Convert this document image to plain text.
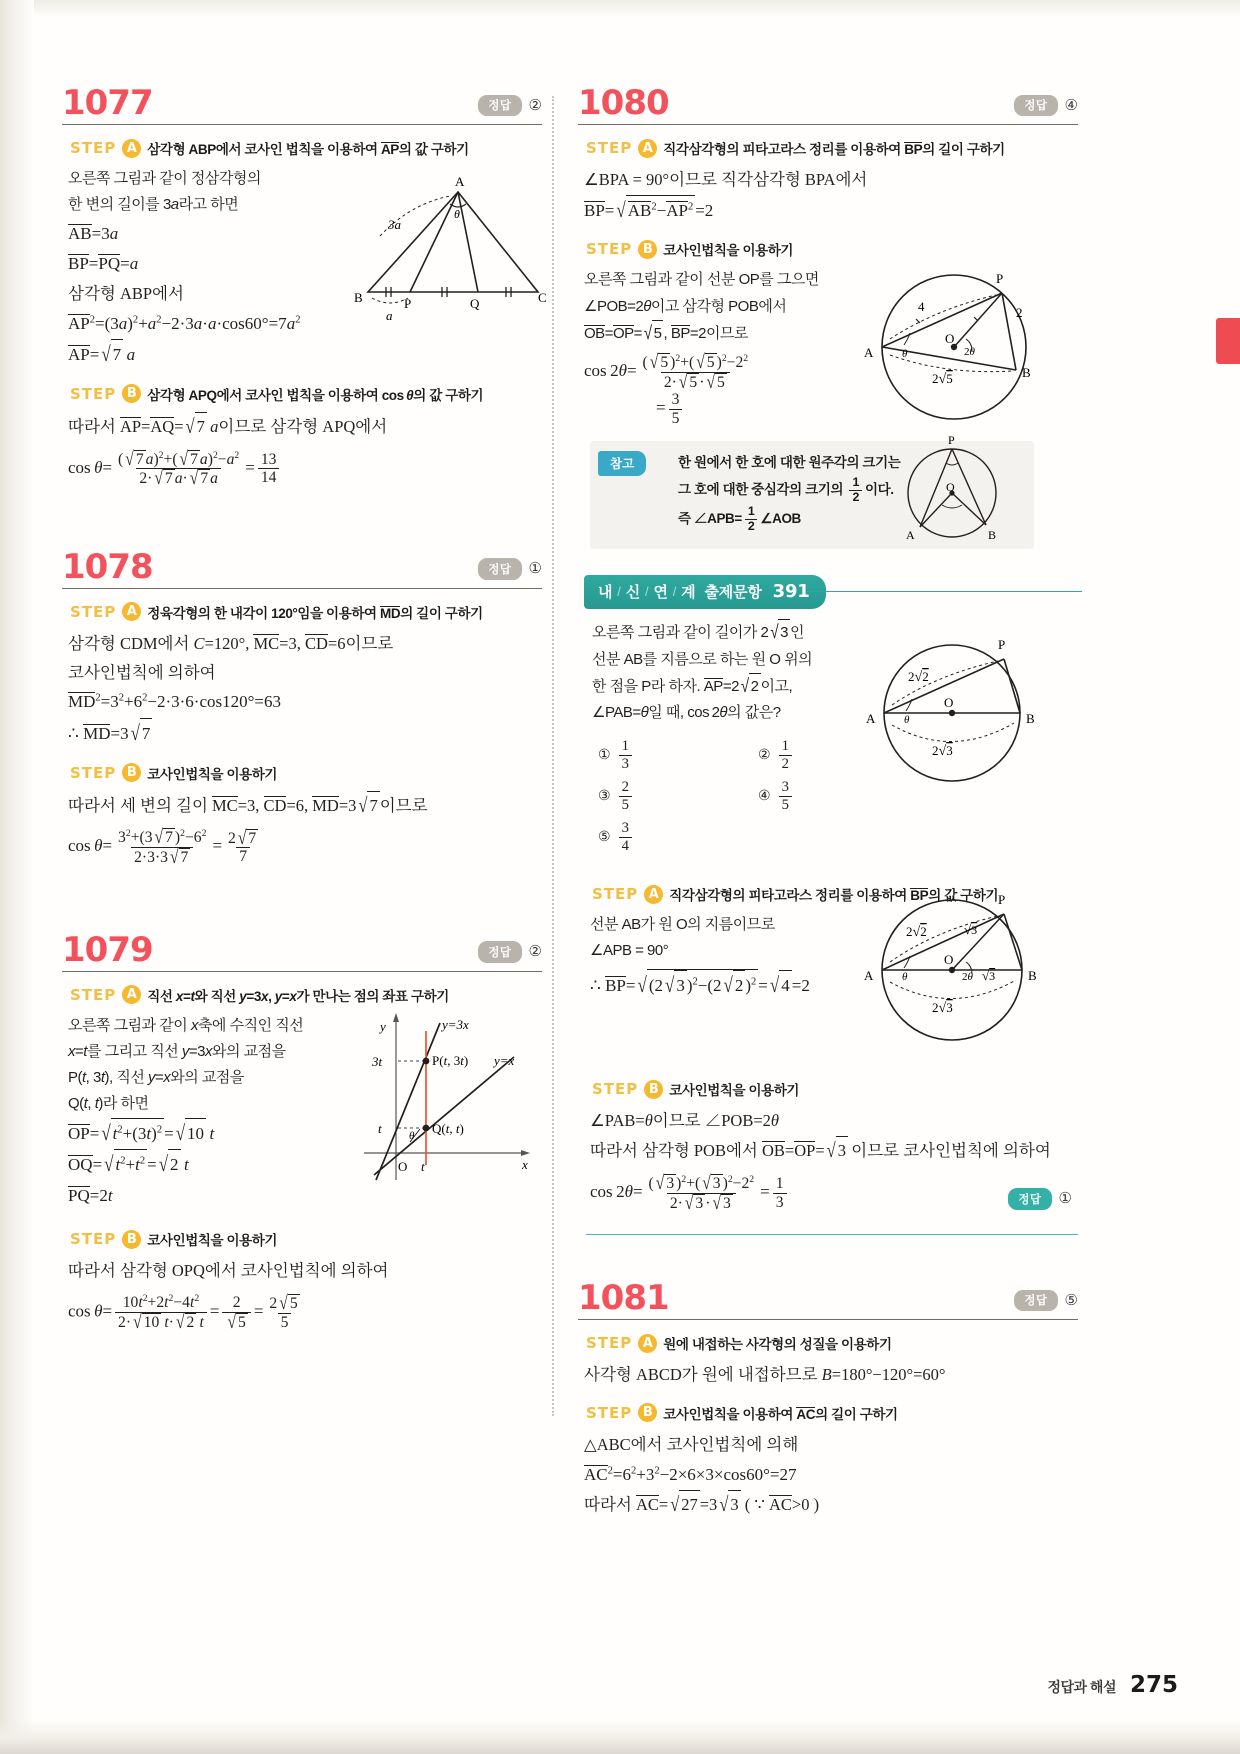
1077	정답	②
STEP A 삼각형 ABP에서 코사인 법칙을 이용하여 AP의 값 구하기
오른쪽 그림과 같이 정삼각형의
한 변의 길이를 3a라고 하면
AB=3a
BP=PQ=a
삼각형 ABP에서
$AP^2=(3a)^2+a^2-2\cdot 3a\cdot a\cdot\cos 60^\circ=7a^2$
AP= √ 7  a
A
B	P	Q	C
3a
a
θ
STEP B 삼각형 APQ에서 코사인 법칙을 이용하여 cos θ의 값 구하기
따라서 AP=AQ= √ 7  a이므로 삼각형 APQ에서
$\cos \theta= \frac{( √ 7 a)^2+( √ 7 a)^2-a^2}{2\cdot √ 7 a\cdot √ 7 a} = \frac{13}{14}$
1078	정답	①
STEP A 정육각형의 한 내각이 120°임을 이용하여 MD의 길이 구하기
삼각형 CDM에서 C=120°, MC=3, CD=6이므로
코사인법칙에 의하여
$MD^2=3^2+6^2-2\cdot 3\cdot 6\cdot\cos 120^\circ=63$
∴ MD=3 √ 7
STEP B 코사인법칙을 이용하기
따라서 세 변의 길이 MC=3, CD=6, MD=3 √ 7 이므로
$\cos \theta= \frac{3^2+(3 √ 7 )^2-6^2}{2\cdot 3\cdot 3 √ 7} = \frac{2 √ 7}{7}$
1079	정답	②
STEP A 직선 x=t와 직선 y=3x, y=x가 만나는 점의 좌표 구하기
오른쪽 그림과 같이 x축에 수직인 직선
x=t를 그리고 직선 y=3x와의 교점을
P(t, 3t), 직선 y=x와의 교점을
Q(t, t)라 하면
OP= √ $t^2+(3t)^2$ = √ 10  t
OQ= √ $t^2+t^2$ = √ 2  t
PQ=2t
y
x
O t
t
3t
y=3x
y=x
P(t, 3t)
Q(t, t)
θ
STEP B 코사인법칙을 이용하기
따라서 삼각형 OPQ에서 코사인법칙에 의하여
$\cos \theta= \frac{10t^2+2t^2-4t^2}{2\cdot √ 10 t\cdot √ 2 t} = \frac{2}{√ 5} = \frac{2 √ 5}{5}$
1080	정답	④
STEP A 직각삼각형의 피타고라스 정리를 이용하여 BP의 길이 구하기
∠BPA = 90°이므로 직각삼각형 BPA에서
BP= √ $AB^2-AP^2 =2$
STEP B 코사인법칙을 이용하기
오른쪽 그림과 같이 선분 OP를 그으면
∠POB=2θ이고 삼각형 POB에서
OB=OP= √ 5 , BP=2이므로
$\cos 2\theta= \frac{( √ 5 )^2+( √ 5 )^2-2^2}{2\cdot √ 5 \cdot √ 5}$
= $\frac{3}{5}$
P
A
B
O
4	2
2√5
θ	2θ
참고	한 원에서 한 호에 대한 원주각의 크기는
그 호에 대한 중심각의 크기의 $\frac{1}{2}$ 이다.
즉 ∠APB= $\frac{1}{2}$ ∠AOB
P
O
A	B
내 / 신 / 연 / 계 출제문항 391
오른쪽 그림과 같이 길이가 2 √ 3 인
선분 AB를 지름으로 하는 원 O 위의
한 점을 P라 하자. AP=2 √ 2 이고,
∠PAB=θ일 때, cos 2θ의 값은?
① $\frac{1}{3}$	② $\frac{1}{2}$
③ $\frac{2}{5}$	④ $\frac{3}{5}$
⑤ $\frac{3}{4}$
P
A	B
O
2√2
2√3
θ
STEP A 직각삼각형의 피타고라스 정리를 이용하여 BP의 값 구하기
선분 AB가 원 O의 지름이므로
∠APB = 90°
∴ BP= √ (2 √ 3 )$^2$−(2 √ 2 )$^2$ = √ 4 =2
P
A	B
O
2√2	√3
2√3
θ	2θ √3
STEP B 코사인법칙을 이용하기
∠PAB=θ이므로 ∠POB=2θ
따라서 삼각형 POB에서 OB=OP= √ 3 이므로 코사인법칙에 의하여
$\cos 2\theta= \frac{( √ 3 )^2+( √ 3 )^2-2^2}{2\cdot √ 3 \cdot √ 3} = \frac{1}{3}$	정답	①
1081	정답	⑤
STEP A 원에 내접하는 사각형의 성질을 이용하기
사각형 ABCD가 원에 내접하므로 B=180°−120°=60°
STEP B 코사인법칙을 이용하여 AC의 길이 구하기
△ABC에서 코사인법칙에 의해
$AC^2=6^2+3^2-2\times 6\times 3\times\cos 60^\circ=27$
따라서 AC= √ 27 =3 √ 3 ( ∵ AC>0 )
정답과 해설 275
